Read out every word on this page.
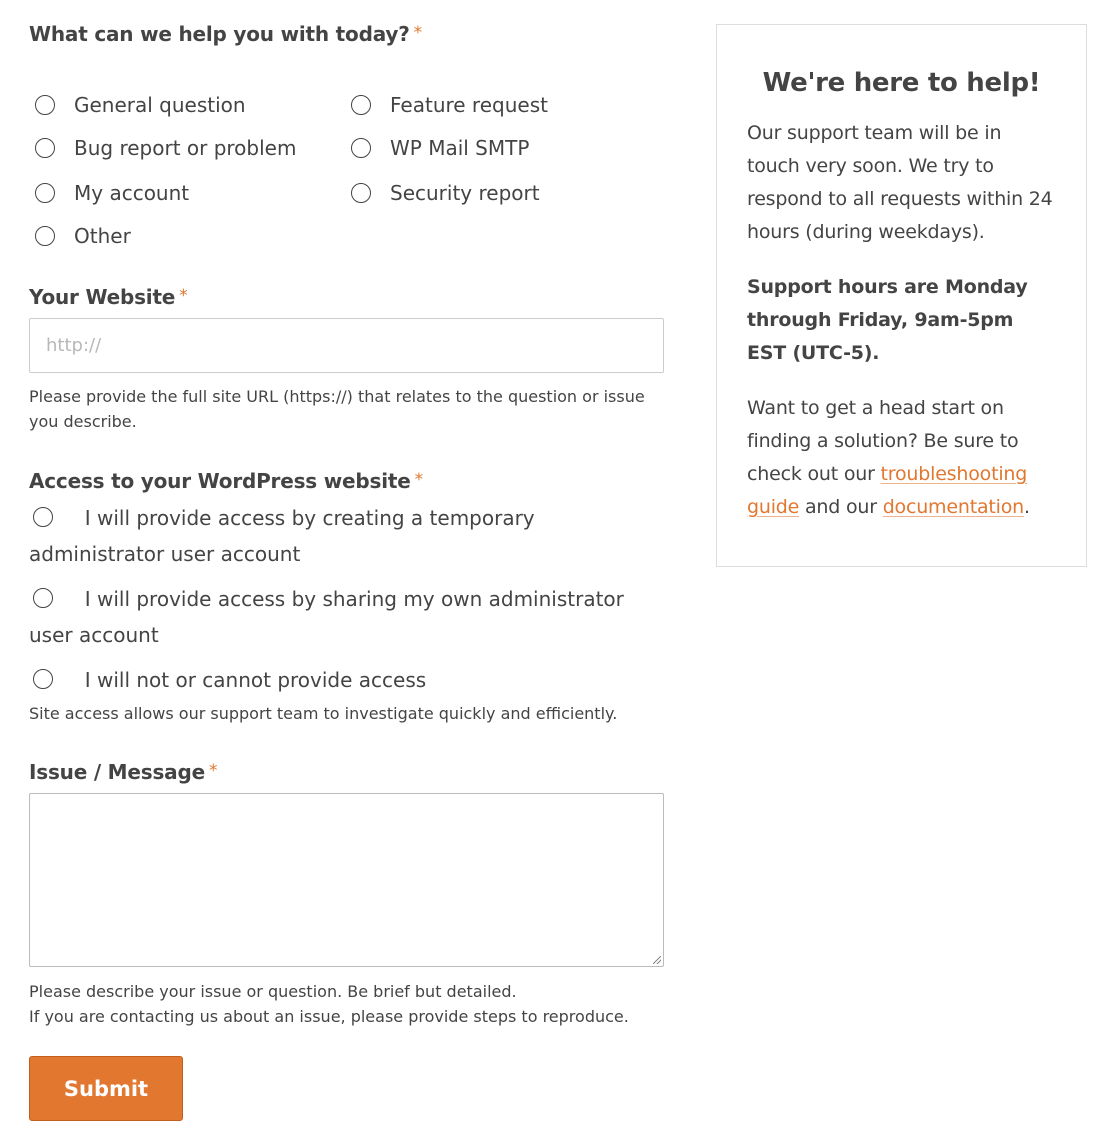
What can we help you with today? *
General question	Feature request
Bug report or problem	WP Mail SMTP
My account	Security report
Other
Your Website *
http://
Please provide the full site URL (https://) that relates to the question or issue you describe.
Access to your WordPress website *
I will provide access by creating a temporary administrator user account
I will provide access by sharing my own administrator user account
I will not or cannot provide access
Site access allows our support team to investigate quickly and efficiently.
Issue / Message *
Please describe your issue or question. Be brief but detailed.
If you are contacting us about an issue, please provide steps to reproduce.
Submit
We're here to help!

Our support team will be in touch very soon. We try to respond to all requests within 24 hours (during weekdays).

Support hours are Monday through Friday, 9am-5pm EST (UTC-5).

Want to get a head start on finding a solution? Be sure to check out our troubleshooting guide and our documentation.
